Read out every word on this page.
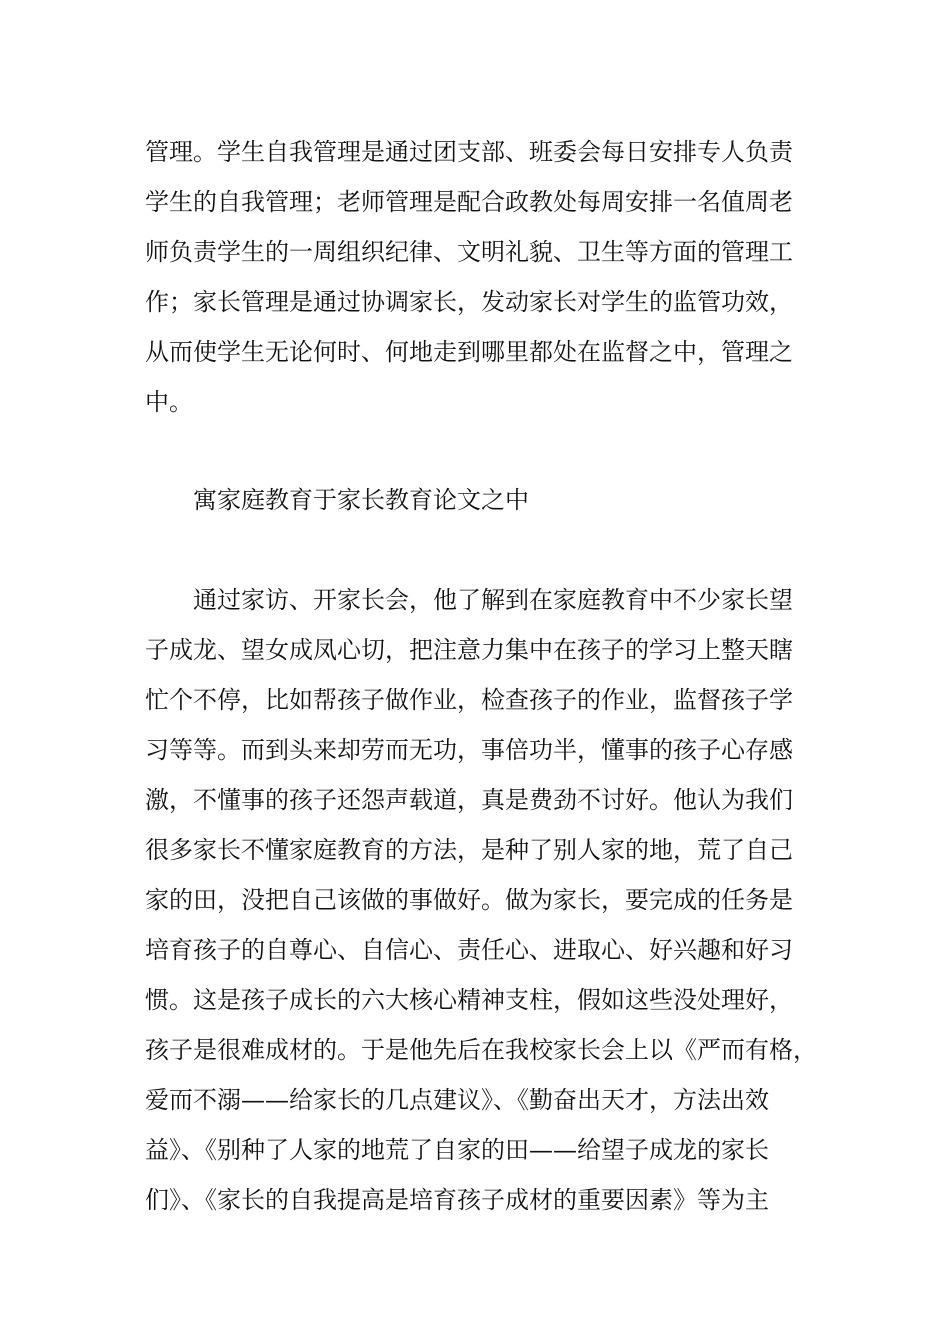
管理。学生自我管理是通过团支部、班委会每日安排专人负责

学生的自我管理；老师管理是配合政教处每周安排一名值周老

师负责学生的一周组织纪律、文明礼貌、卫生等方面的管理工

作；家长管理是通过协调家长，发动家长对学生的监管功效，

从而使学生无论何时、何地走到哪里都处在监督之中，管理之

中。

寓家庭教育于家长教育论文之中

通过家访、开家长会，他了解到在家庭教育中不少家长望

子成龙、望女成凤心切，把注意力集中在孩子的学习上整天瞎

忙个不停，比如帮孩子做作业，检查孩子的作业，监督孩子学

习等等。而到头来却劳而无功，事倍功半，懂事的孩子心存感

激，不懂事的孩子还怨声载道，真是费劲不讨好。他认为我们

很多家长不懂家庭教育的方法，是种了别人家的地，荒了自己

家的田，没把自己该做的事做好。做为家长，要完成的任务是

培育孩子的自尊心、自信心、责任心、进取心、好兴趣和好习

惯。这是孩子成长的六大核心精神支柱，假如这些没处理好，

孩子是很难成材的。于是他先后在我校家长会上以《严而有格，

爱而不溺——给家长的几点建议》、《勤奋出天才，方法出效

益》、《别种了人家的地荒了自家的田——给望子成龙的家长

们》、《家长的自我提高是培育孩子成材的重要因素》等为主
